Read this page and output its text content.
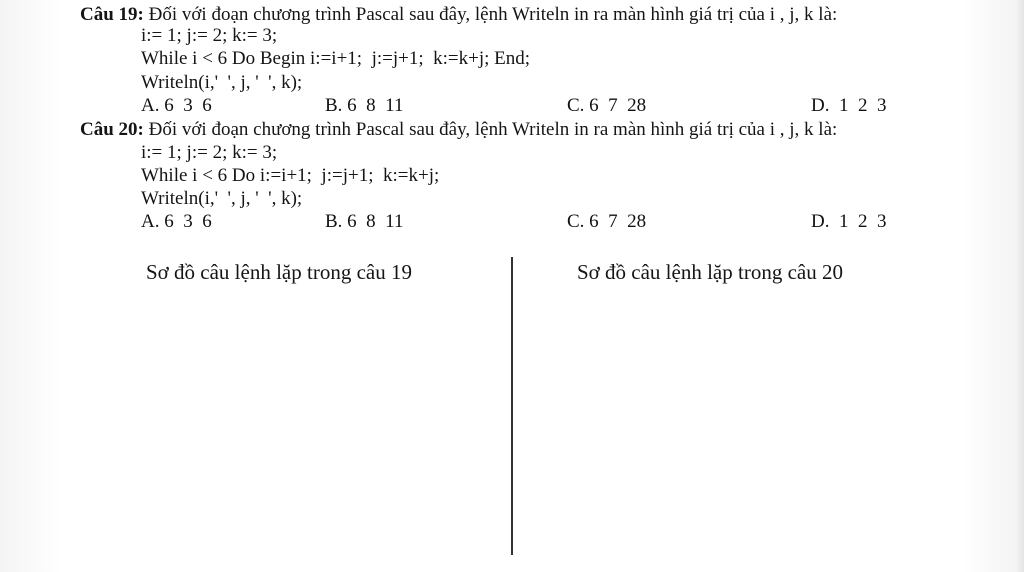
Câu 19: Đối với đoạn chương trình Pascal sau đây, lệnh Writeln in ra màn hình giá trị của i , j, k là:
i:= 1; j:= 2; k:= 3;
While i < 6 Do Begin i:=i+1;  j:=j+1;  k:=k+j; End;
Writeln(i,'  ', j, '  ', k);
A. 6  3  6	B. 6  8  11	C. 6  7  28	D.  1  2  3
Câu 20: Đối với đoạn chương trình Pascal sau đây, lệnh Writeln in ra màn hình giá trị của i , j, k là:
i:= 1; j:= 2; k:= 3;
While i < 6 Do i:=i+1;  j:=j+1;  k:=k+j;
Writeln(i,'  ', j, '  ', k);
A. 6  3  6	B. 6  8  11	C. 6  7  28	D.  1  2  3
Sơ đồ câu lệnh lặp trong câu 19	Sơ đồ câu lệnh lặp trong câu 20
